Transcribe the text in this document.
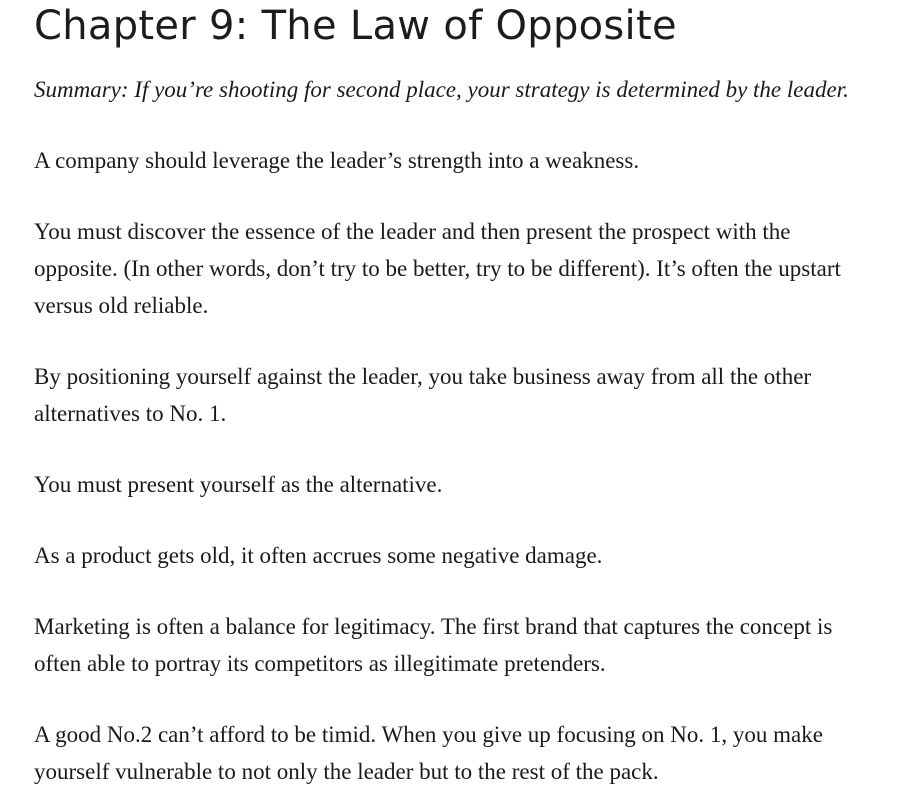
Chapter 9: The Law of Opposite

Summary: If you’re shooting for second place, your strategy is determined by the leader.

A company should leverage the leader’s strength into a weakness.

You must discover the essence of the leader and then present the prospect with the opposite. (In other words, don’t try to be better, try to be different). It’s often the upstart versus old reliable.

By positioning yourself against the leader, you take business away from all the other alternatives to No. 1.

You must present yourself as the alternative.

As a product gets old, it often accrues some negative damage.

Marketing is often a balance for legitimacy. The first brand that captures the concept is often able to portray its competitors as illegitimate pretenders.

A good No.2 can’t afford to be timid. When you give up focusing on No. 1, you make yourself vulnerable to not only the leader but to the rest of the pack.
